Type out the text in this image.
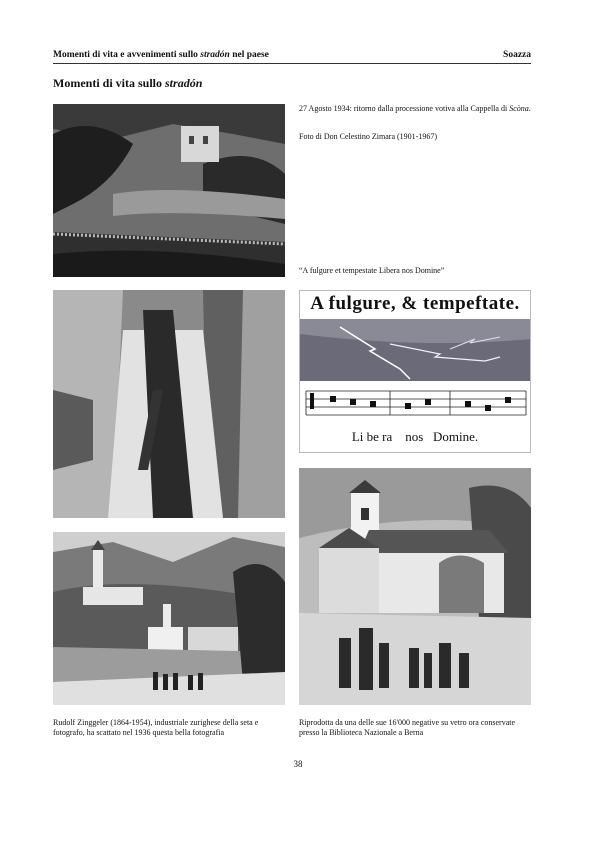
Momenti di vita e avvenimenti sullo stradón nel paese	Soazza
Momenti di vita sullo stradón
27 Agosto 1934: ritorno dalla processione votiva alla Cappella di Scòna.
Foto di Don Celestino Zimara (1901-1967)
“A fulgure et tempestate Libera nos Domine”
A fulgure, & tempeftate.
Li be ra    nos   Domine.
Rudolf Zinggeler (1864-1954), industriale zurighese della seta e fotografo, ha scattato nel 1936 questa bella fotografia
Riprodotta da una delle sue 16'000 negative su vetro ora conservate presso la Biblioteca Nazionale a Berna
38
